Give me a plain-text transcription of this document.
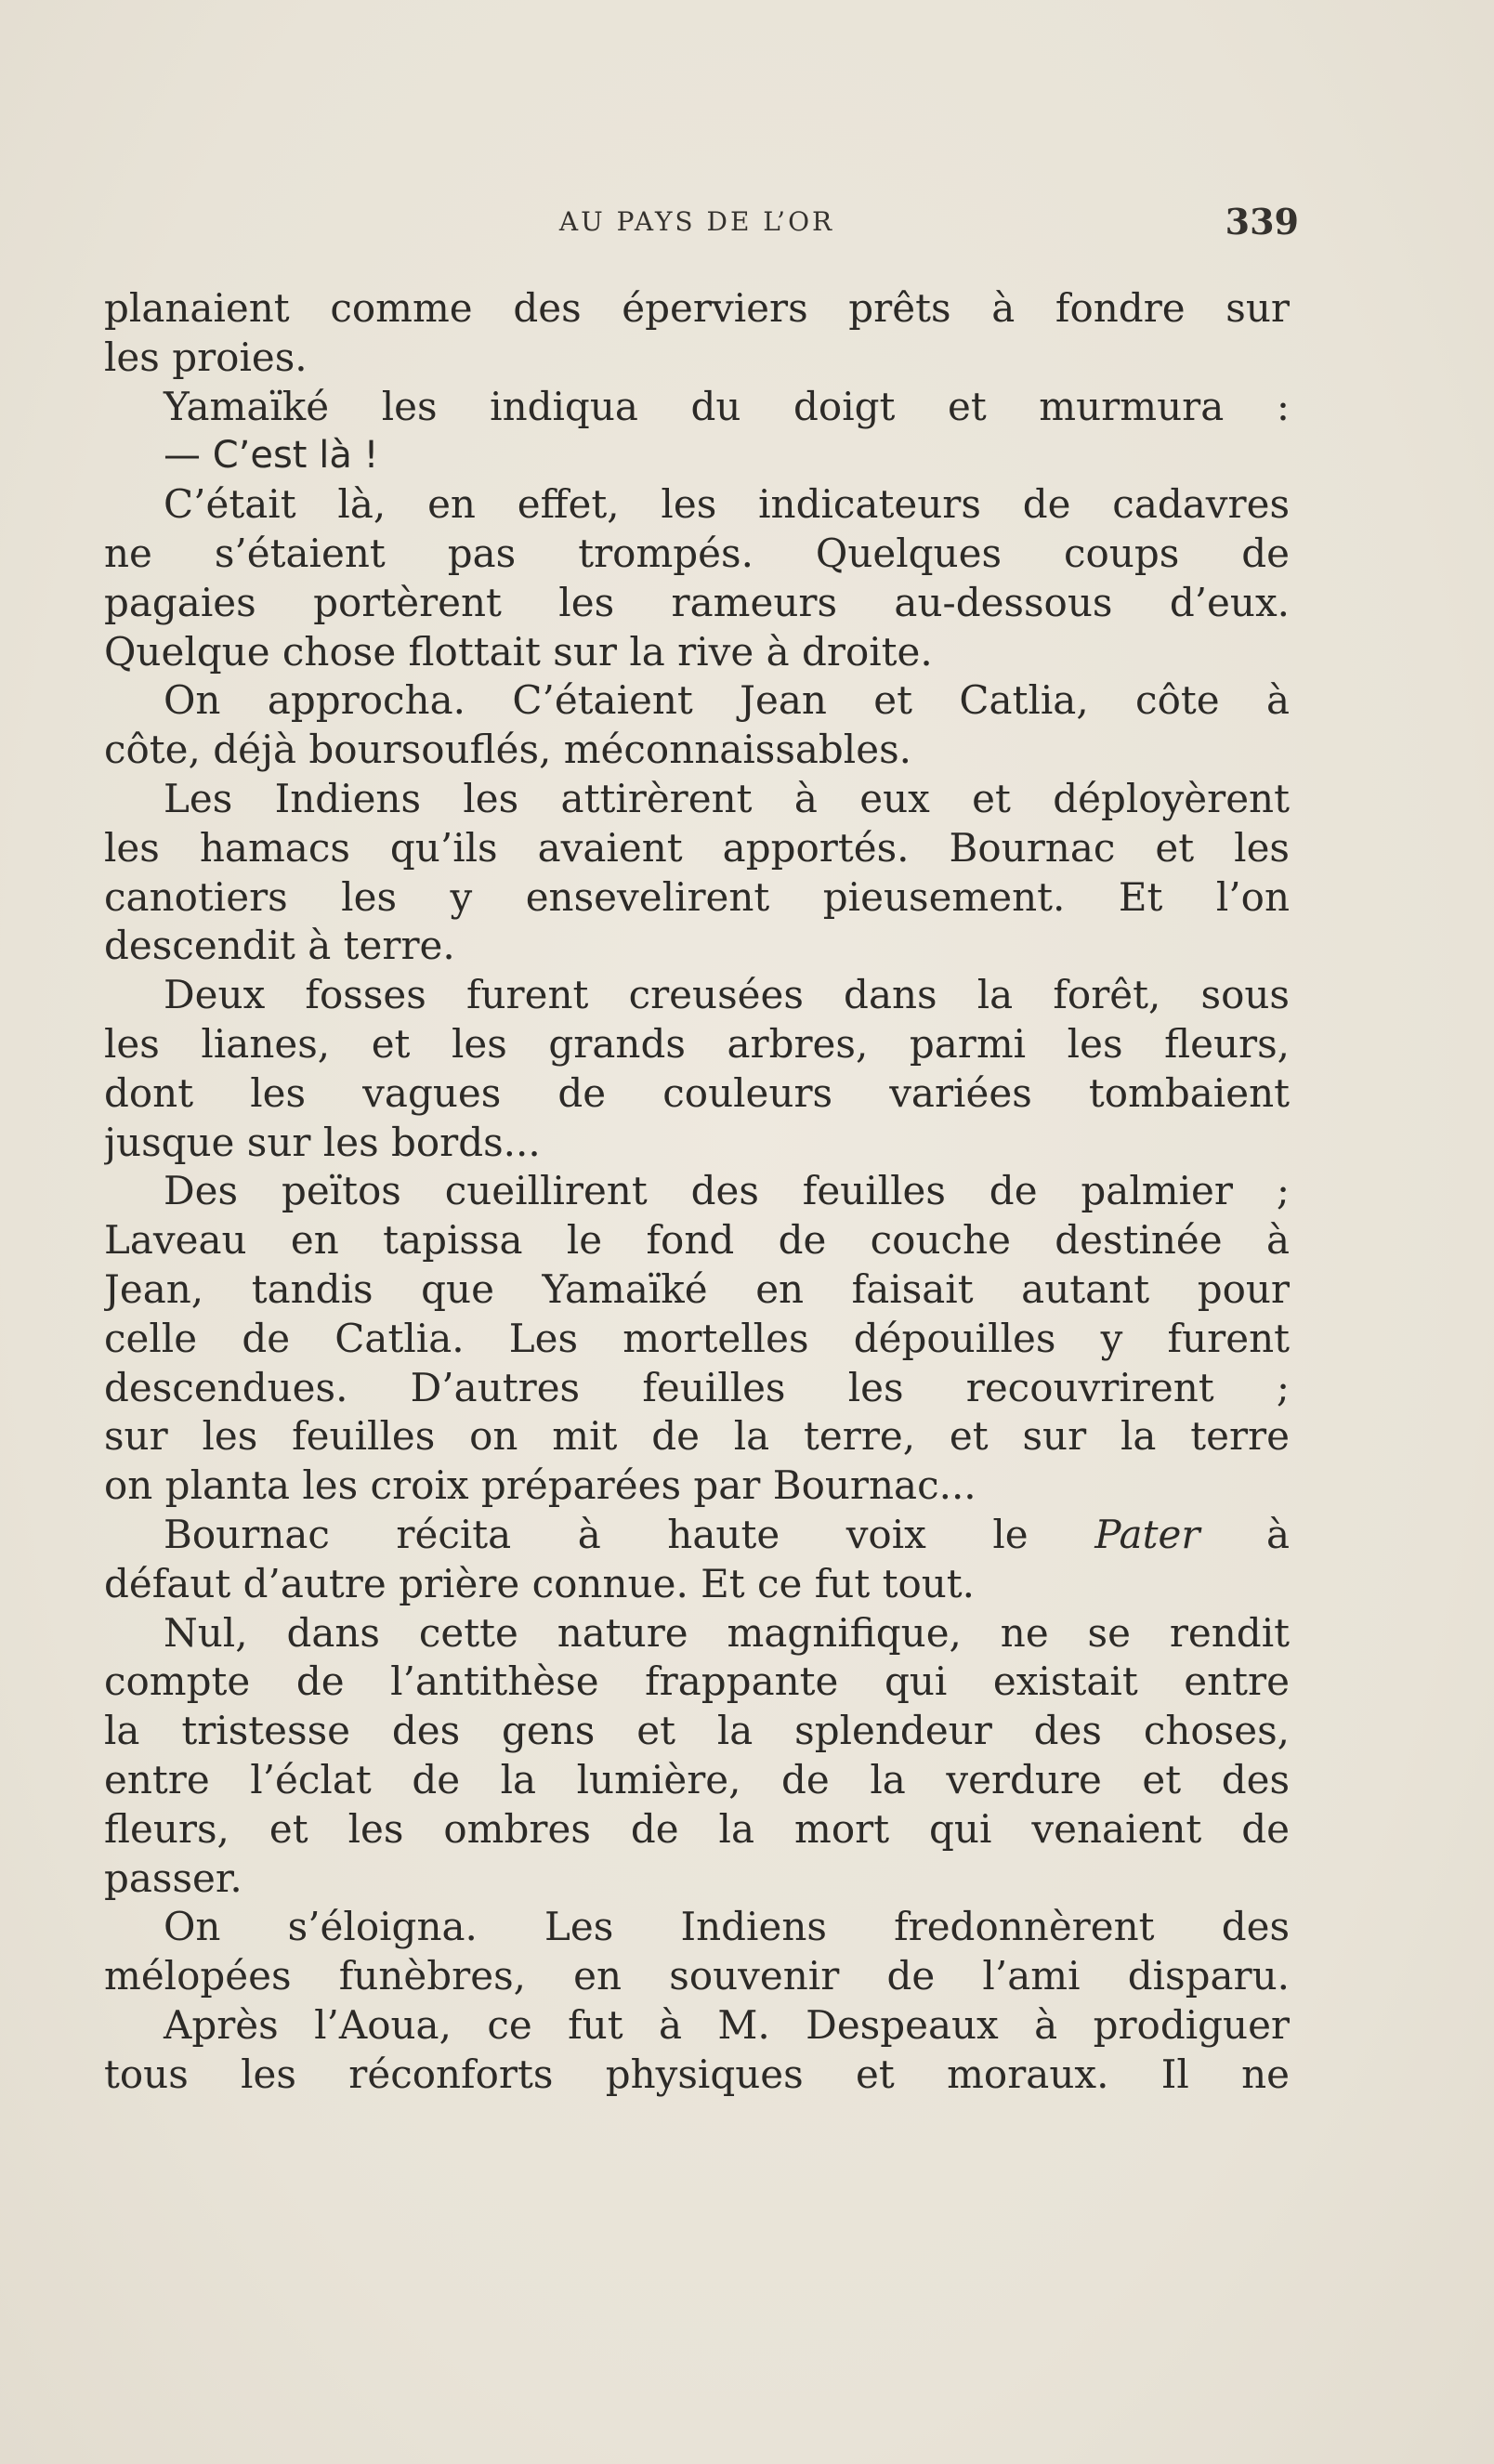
AU PAYS DE L’OR	339
planaient comme des éperviers prêts à fondre sur
les proies.
Yamaïké les indiqua du doigt et murmura :
— C’est là !
C’était là, en effet, les indicateurs de cadavres
ne s’étaient pas trompés. Quelques coups de
pagaies portèrent les rameurs au-dessous d’eux.
Quelque chose flottait sur la rive à droite.
On approcha. C’étaient Jean et Catlia, côte à
côte, déjà boursouflés, méconnaissables.
Les Indiens les attirèrent à eux et déployèrent
les hamacs qu’ils avaient apportés. Bournac et les
canotiers les y ensevelirent pieusement. Et l’on
descendit à terre.
Deux fosses furent creusées dans la forêt, sous
les lianes, et les grands arbres, parmi les fleurs,
dont les vagues de couleurs variées tombaient
jusque sur les bords...
Des peïtos cueillirent des feuilles de palmier ;
Laveau en tapissa le fond de couche destinée à
Jean, tandis que Yamaïké en faisait autant pour
celle de Catlia. Les mortelles dépouilles y furent
descendues. D’autres feuilles les recouvrirent ;
sur les feuilles on mit de la terre, et sur la terre
on planta les croix préparées par Bournac...
Bournac récita à haute voix le Pater à
défaut d’autre prière connue. Et ce fut tout.
Nul, dans cette nature magnifique, ne se rendit
compte de l’antithèse frappante qui existait entre
la tristesse des gens et la splendeur des choses,
entre l’éclat de la lumière, de la verdure et des
fleurs, et les ombres de la mort qui venaient de
passer.
On s’éloigna. Les Indiens fredonnèrent des
mélopées funèbres, en souvenir de l’ami disparu.
Après l’Aoua, ce fut à M. Despeaux à prodiguer
tous les réconforts physiques et moraux. Il ne
